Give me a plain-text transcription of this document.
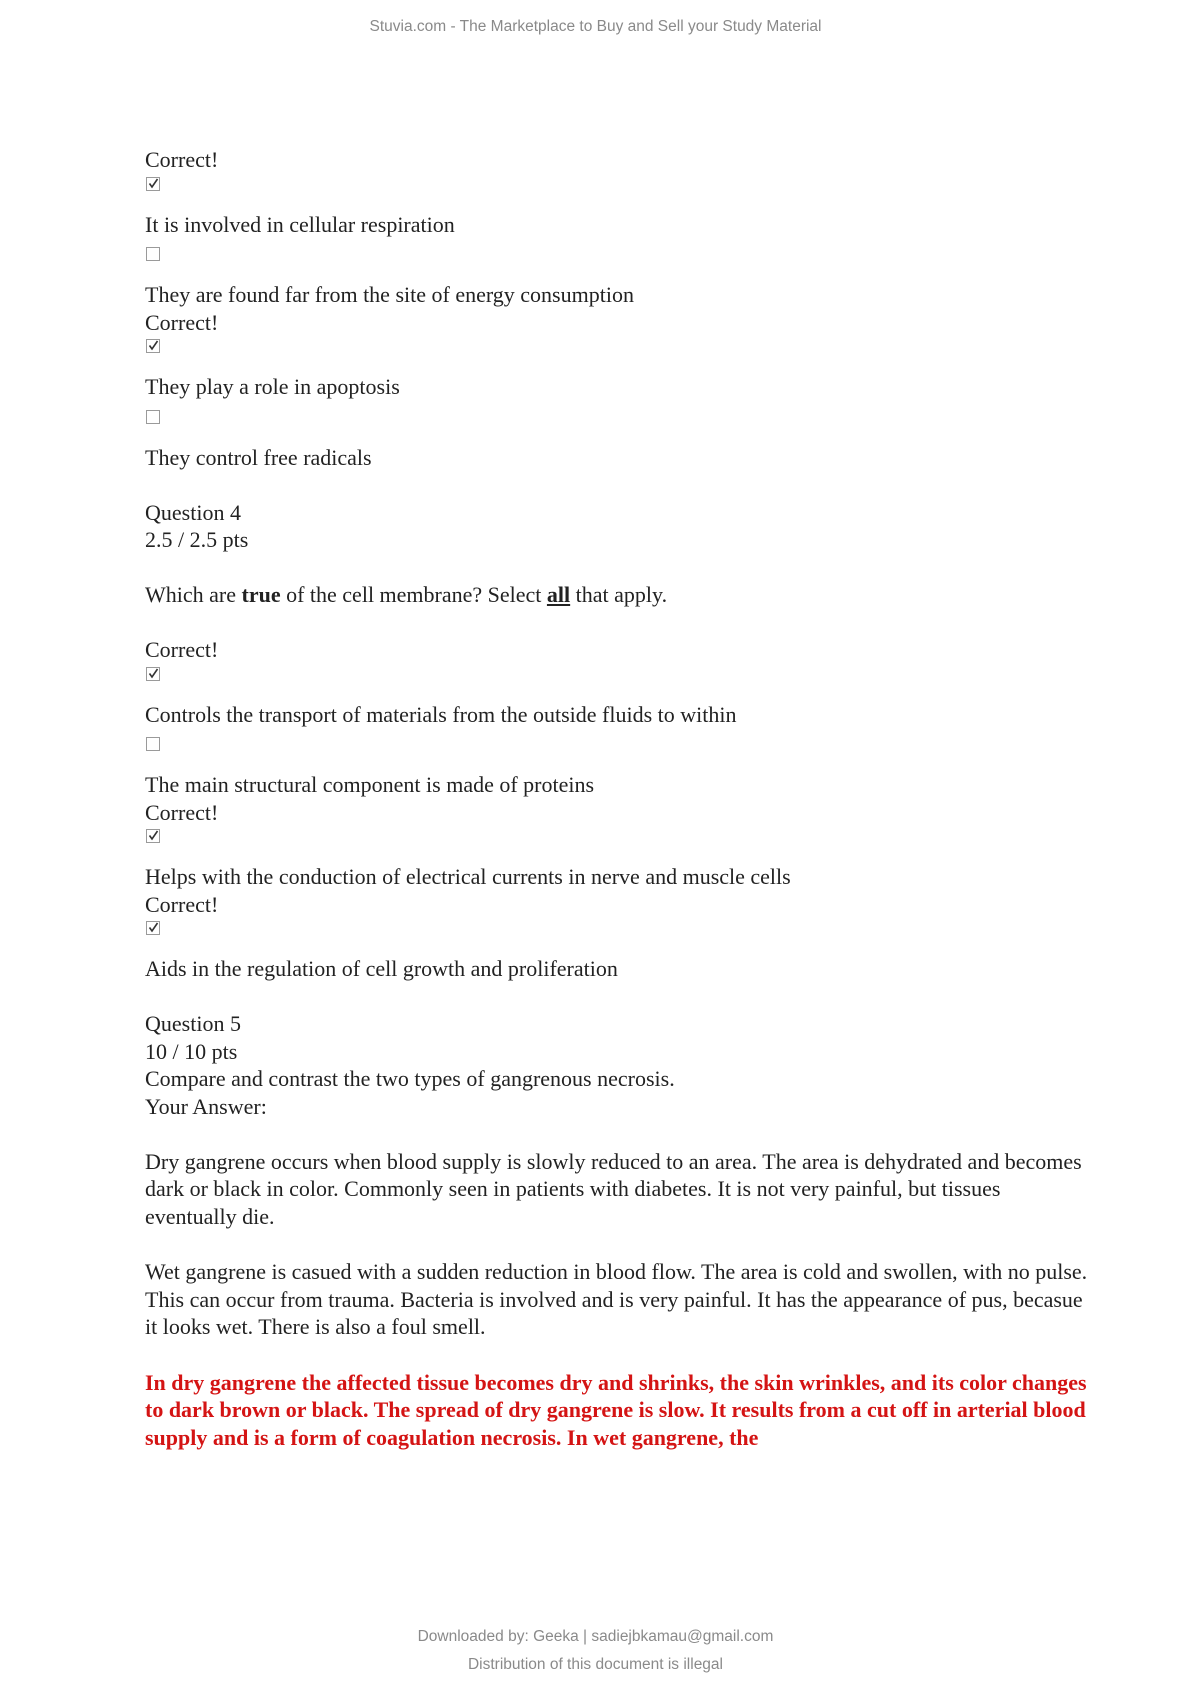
Stuvia.com - The Marketplace to Buy and Sell your Study Material
Correct!
It is involved in cellular respiration
They are found far from the site of energy consumption
Correct!
They play a role in apoptosis
They control free radicals
Question 4
2.5 / 2.5 pts
Which are true of the cell membrane? Select all that apply.
Correct!
Controls the transport of materials from the outside fluids to within
The main structural component is made of proteins
Correct!
Helps with the conduction of electrical currents in nerve and muscle cells
Correct!
Aids in the regulation of cell growth and proliferation
Question 5
10 / 10 pts
Compare and contrast the two types of gangrenous necrosis.
Your Answer:
Dry gangrene occurs when blood supply is slowly reduced to an area. The area is dehydrated and becomes dark or black in color. Commonly seen in patients with diabetes. It is not very painful, but tissues eventually die.
Wet gangrene is casued with a sudden reduction in blood flow. The area is cold and swollen, with no pulse. This can occur from trauma. Bacteria is involved and is very painful. It has the appearance of pus, becasue it looks wet. There is also a foul smell.
In dry gangrene the affected tissue becomes dry and shrinks, the skin wrinkles, and its color changes to dark brown or black. The spread of dry gangrene is slow. It results from a cut off in arterial blood supply and is a form of coagulation necrosis. In wet gangrene, the
Downloaded by: Geeka | sadiejbkamau@gmail.com
Distribution of this document is illegal
